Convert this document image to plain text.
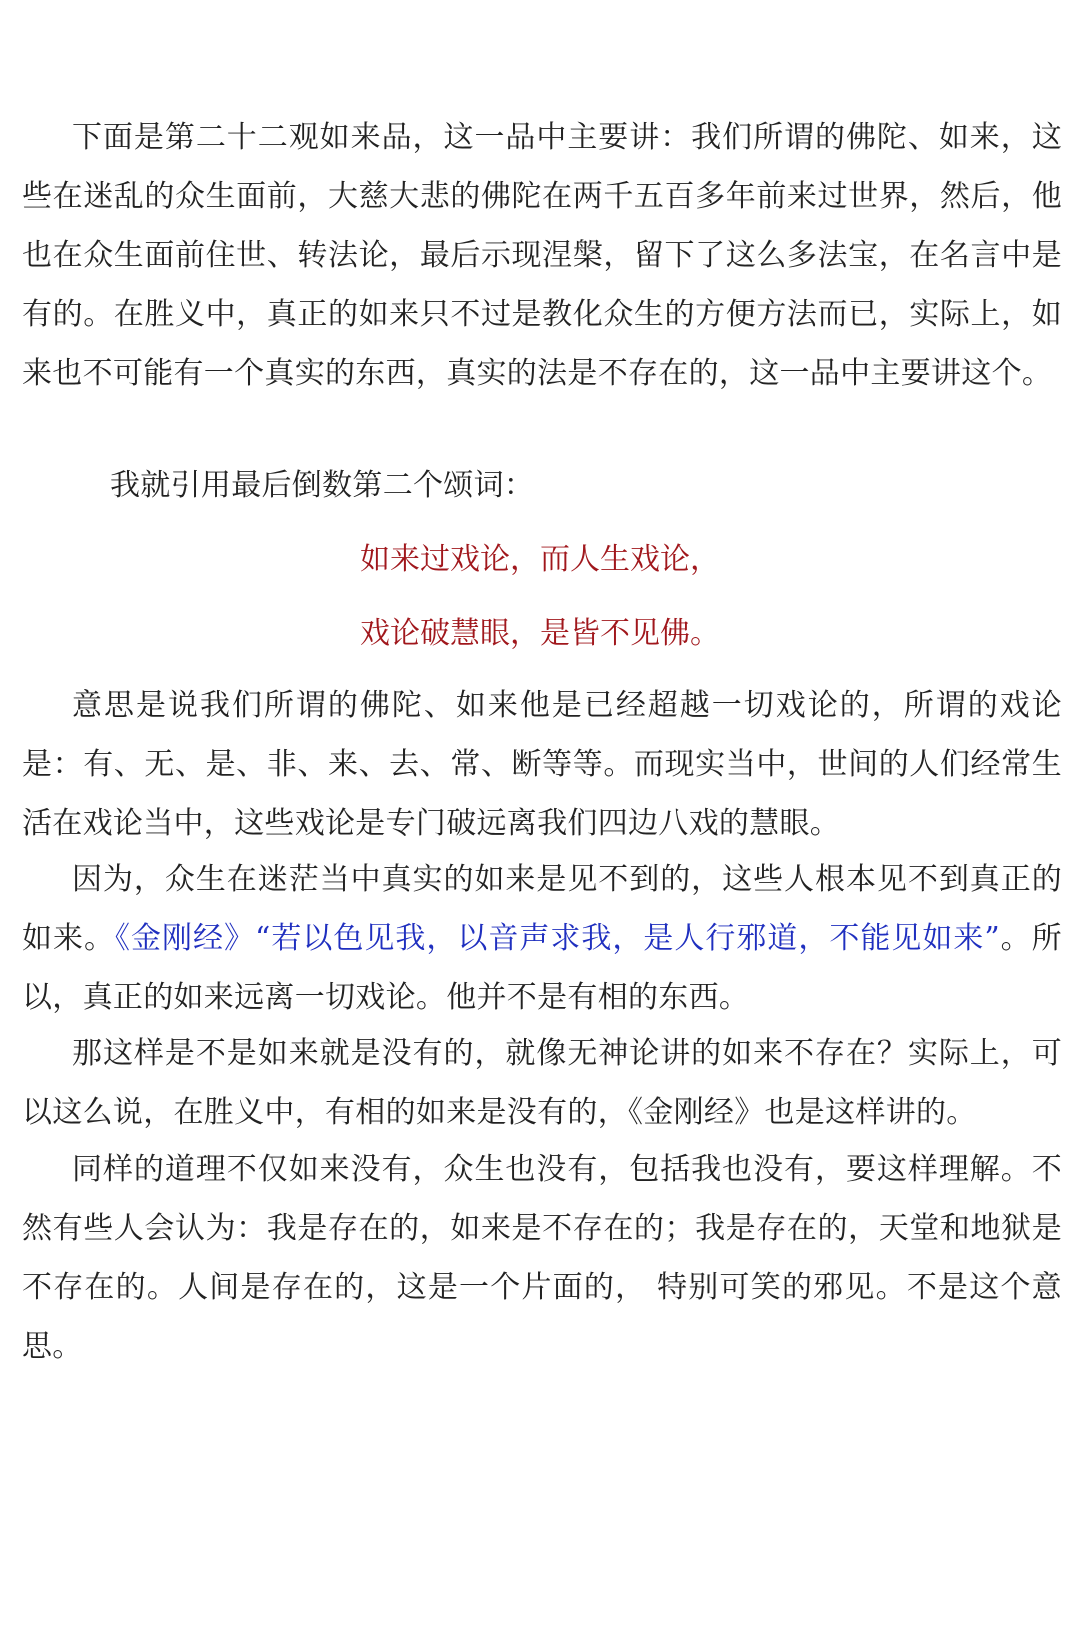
下面是第二十二观如来品，这一品中主要讲：我们所谓的佛陀、如来，这些在迷乱的众生面前，大慈大悲的佛陀在两千五百多年前来过世界，然后，他也在众生面前住世、转法论，最后示现涅槃，留下了这么多法宝，在名言中是有的。在胜义中，真正的如来只不过是教化众生的方便方法而已，实际上，如来也不可能有一个真实的东西，真实的法是不存在的，这一品中主要讲这个。

我就引用最后倒数第二个颂词：

如来过戏论，而人生戏论，

戏论破慧眼，是皆不见佛。

意思是说我们所谓的佛陀、如来他是已经超越一切戏论的，所谓的戏论是：有、无、是、非、来、去、常、断等等。而现实当中，世间的人们经常生活在戏论当中，这些戏论是专门破远离我们四边八戏的慧眼。

因为，众生在迷茫当中真实的如来是见不到的，这些人根本见不到真正的如来。《金刚经》“若以色见我，以音声求我，是人行邪道，不能见如来”。所以，真正的如来远离一切戏论。他并不是有相的东西。

那这样是不是如来就是没有的，就像无神论讲的如来不存在？实际上，可以这么说，在胜义中，有相的如来是没有的，《金刚经》也是这样讲的。

同样的道理不仅如来没有，众生也没有，包括我也没有，要这样理解。不然有些人会认为：我是存在的，如来是不存在的；我是存在的，天堂和地狱是不存在的。人间是存在的，这是一个片面的， 特别可笑的邪见。不是这个意思。
